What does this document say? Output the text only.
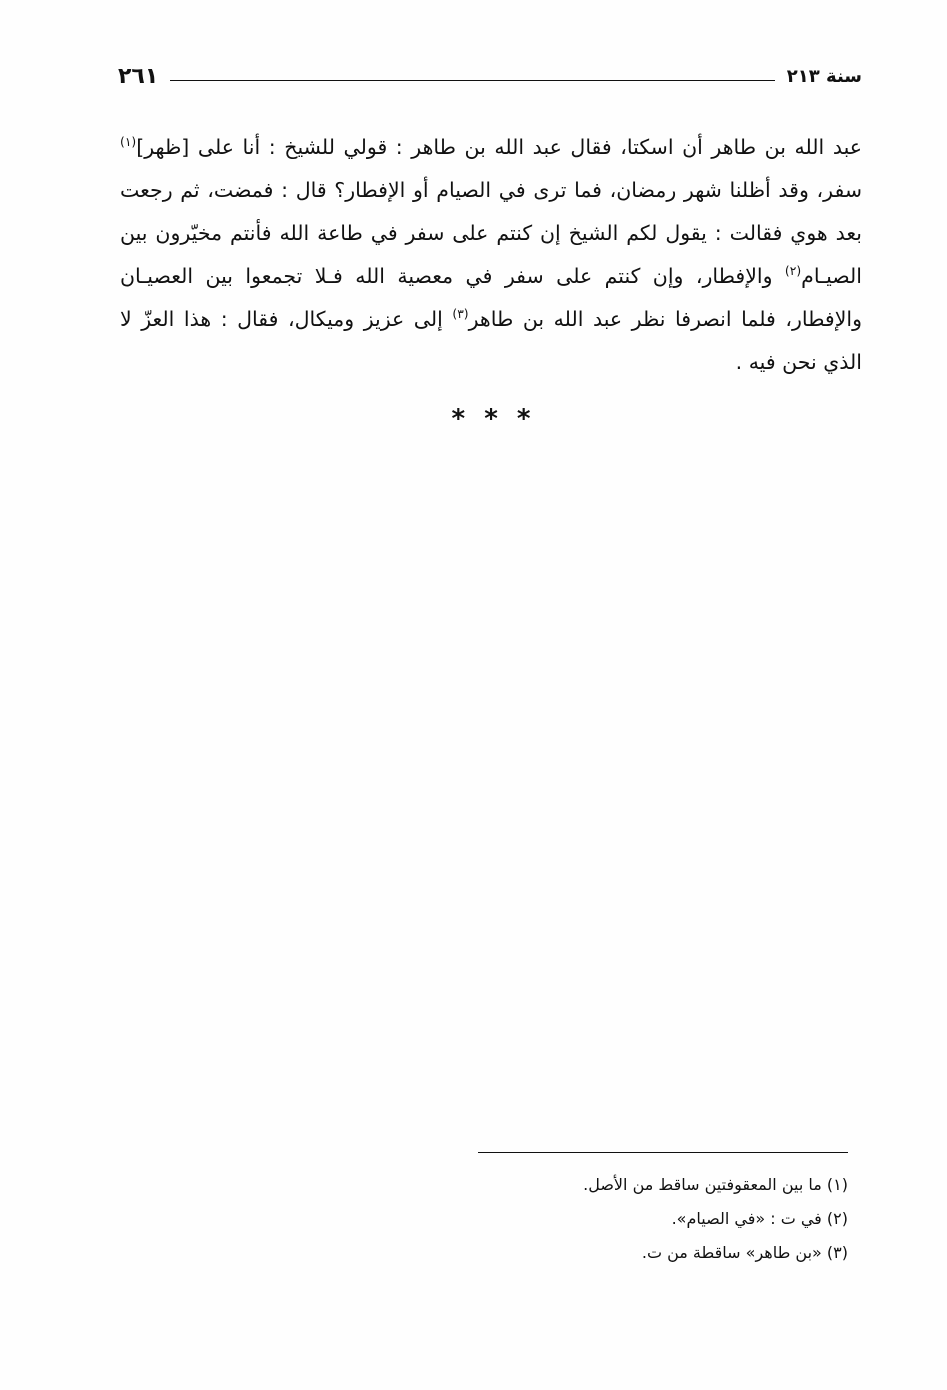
سنة ٢١٣
٢٦١
عبد الله بن طاهر أن اسكتا، فقال عبد الله بن طاهر : قولي للشيخ : أنا على [ظهر]$^{(١)}$
سفر، وقد أظلنا شهر رمضان، فما ترى في الصيام أو الإفطار؟ قال : فمضت، ثم رجعت
بعد هوي فقالت : يقول لكم الشيخ إن كنتم على سفر في طاعة الله فأنتم مخيّرون بين
الصيـام$^{(٢)}$ والإفطار، وإن كنتم على سفر في معصية الله فـلا تجمعوا بين العصيـان
والإفطار، فلما انصرفا نظر عبد الله بن طاهر$^{(٣)}$ إلى عزيز وميكال، فقال : هذا العزّ لا
الذي نحن فيه .
* * *
(١) ما بين المعقوفتين ساقط من الأصل.
(٢) في ت : «في الصيام».
(٣) «بن طاهر» ساقطة من ت.
